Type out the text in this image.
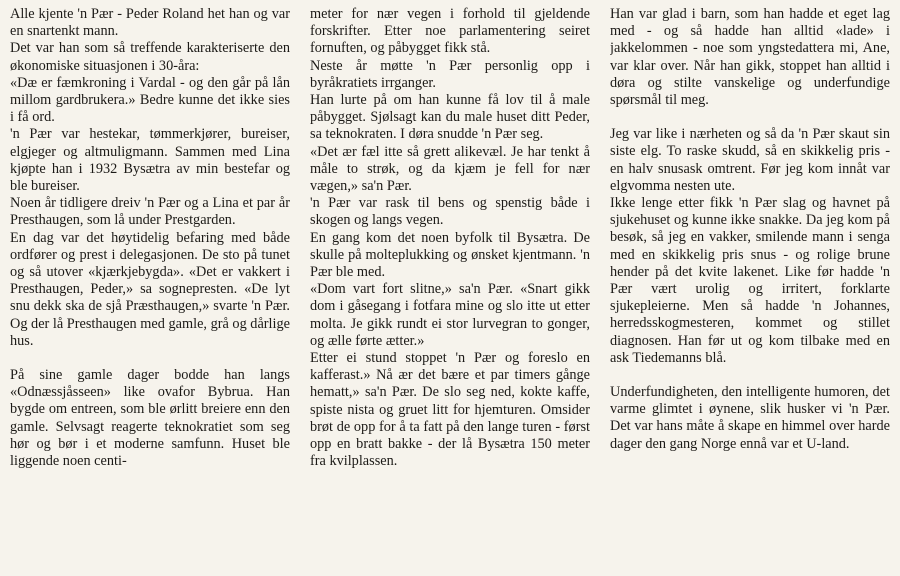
Alle kjente 'n Pær - Peder Roland het han og var en snartenkt mann.

Det var han som så treffende karakteriserte den økonomiske situasjonen i 30-åra:

«Dæ er fæmkroning i Vardal - og den går på lån millom gardbrukera.» Bedre kunne det ikke sies i få ord.

'n Pær var hestekar, tømmerkjører, bureiser, elgjeger og altmuligmann. Sammen med Lina kjøpte han i 1932 Bysætra av min bestefar og ble bureiser.

Noen år tidligere dreiv 'n Pær og a Lina et par år Presthaugen, som lå under Prestgarden.

En dag var det høytidelig befaring med både ordfører og prest i delegasjonen. De sto på tunet og så utover «kjærkjebygda». «Det er vakkert i Presthaugen, Peder,» sa sognepresten. «De lyt snu dekk ska de sjå Præsthaugen,» svarte 'n Pær. Og der lå Presthaugen med gamle, grå og dårlige hus.

På sine gamle dager bodde han langs «Odnæssjåsseen» like ovafor Bybrua. Han bygde om entreen, som ble ørlitt breiere enn den gamle. Selvsagt reagerte teknokratiet som seg hør og bør i et moderne samfunn. Huset ble liggende noen centi-

meter for nær vegen i forhold til gjeldende forskrifter. Etter noe parlamentering seiret fornuften, og påbygget fikk stå.

Neste år møtte 'n Pær personlig opp i byråkratiets irrganger.

Han lurte på om han kunne få lov til å male påbygget. Sjølsagt kan du male huset ditt Peder, sa teknokraten. I døra snudde 'n Pær seg.

«Det ær fæl itte så grett alikevæl. Je har tenkt å måle to strøk, og da kjæm je fell for nær vægen,» sa'n Pær.

'n Pær var rask til bens og spenstig både i skogen og langs vegen.

En gang kom det noen byfolk til Bysætra. De skulle på molteplukking og ønsket kjentmann. 'n Pær ble med.

«Dom vart fort slitne,» sa'n Pær. «Snart gikk dom i gåsegang i fotfara mine og slo itte ut etter molta. Je gikk rundt ei stor lurvegran to gonger, og ælle førte ætter.»

Etter ei stund stoppet 'n Pær og foreslo en kafferast.» Nå ær det bære et par timers gånge hematt,» sa'n Pær. De slo seg ned, kokte kaffe, spiste nista og gruet litt for hjemturen. Omsider brøt de opp for å ta fatt på den lange turen - først opp en bratt bakke - der lå Bysætra 150 meter fra kvilplassen.

Han var glad i barn, som han hadde et eget lag med - og så hadde han alltid «lade» i jakkelommen - noe som yngstedattera mi, Ane, var klar over. Når han gikk, stoppet han alltid i døra og stilte vanskelige og underfundige spørsmål til meg.

Jeg var like i nærheten og så da 'n Pær skaut sin siste elg. To raske skudd, så en skikkelig pris - en halv snusask omtrent. Før jeg kom innåt var elgvomma nesten ute.

Ikke lenge etter fikk 'n Pær slag og havnet på sjukehuset og kunne ikke snakke. Da jeg kom på besøk, så jeg en vakker, smilende mann i senga med en skikkelig pris snus - og rolige brune hender på det kvite lakenet. Like før hadde 'n Pær vært urolig og irritert, forklarte sjukepleierne. Men så hadde 'n Johannes, herredsskogmesteren, kommet og stillet diagnosen. Han før ut og kom tilbake med en ask Tiedemanns blå.

Underfundigheten, den intelligente humoren, det varme glimtet i øynene, slik husker vi 'n Pær. Det var hans måte å skape en himmel over harde dager den gang Norge ennå var et U-land.
